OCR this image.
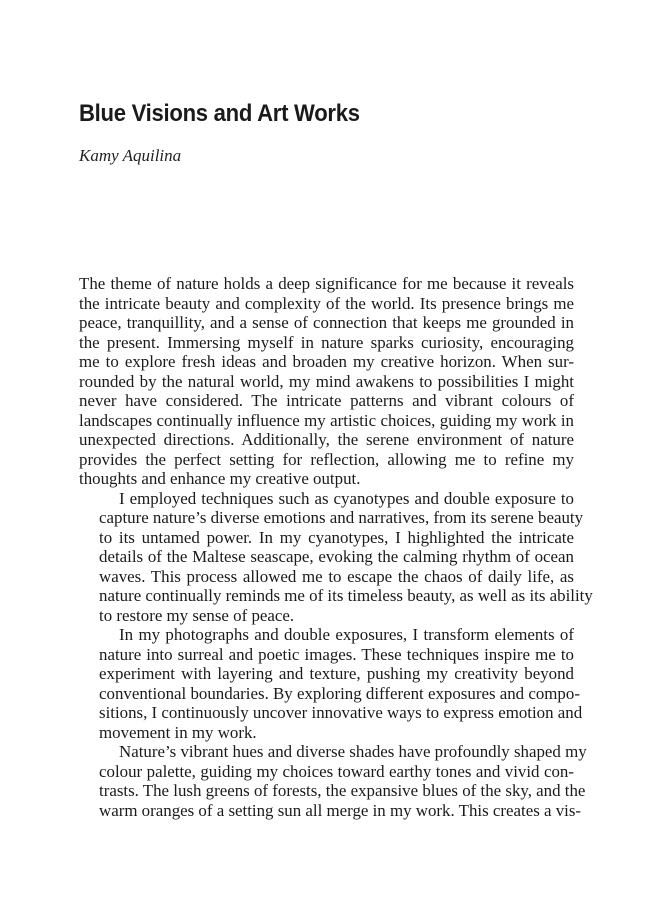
Blue Visions and Art Works
Kamy Aquilina

The theme of nature holds a deep significance for me because it reveals
the intricate beauty and complexity of the world. Its presence brings me
peace, tranquillity, and a sense of connection that keeps me grounded in
the present. Immersing myself in nature sparks curiosity, encouraging
me to explore fresh ideas and broaden my creative horizon. When sur-
rounded by the natural world, my mind awakens to possibilities I might
never have considered. The intricate patterns and vibrant colours of
landscapes continually influence my artistic choices, guiding my work in
unexpected directions. Additionally, the serene environment of nature
provides the perfect setting for reflection, allowing me to refine my
thoughts and enhance my creative output.

I employed techniques such as cyanotypes and double exposure to
capture nature’s diverse emotions and narratives, from its serene beauty
to its untamed power. In my cyanotypes, I highlighted the intricate
details of the Maltese seascape, evoking the calming rhythm of ocean
waves. This process allowed me to escape the chaos of daily life, as
nature continually reminds me of its timeless beauty, as well as its ability
to restore my sense of peace.

In my photographs and double exposures, I transform elements of
nature into surreal and poetic images. These techniques inspire me to
experiment with layering and texture, pushing my creativity beyond
conventional boundaries. By exploring different exposures and compo-
sitions, I continuously uncover innovative ways to express emotion and
movement in my work.

Nature’s vibrant hues and diverse shades have profoundly shaped my
colour palette, guiding my choices toward earthy tones and vivid con-
trasts. The lush greens of forests, the expansive blues of the sky, and the
warm oranges of a setting sun all merge in my work. This creates a vis-
